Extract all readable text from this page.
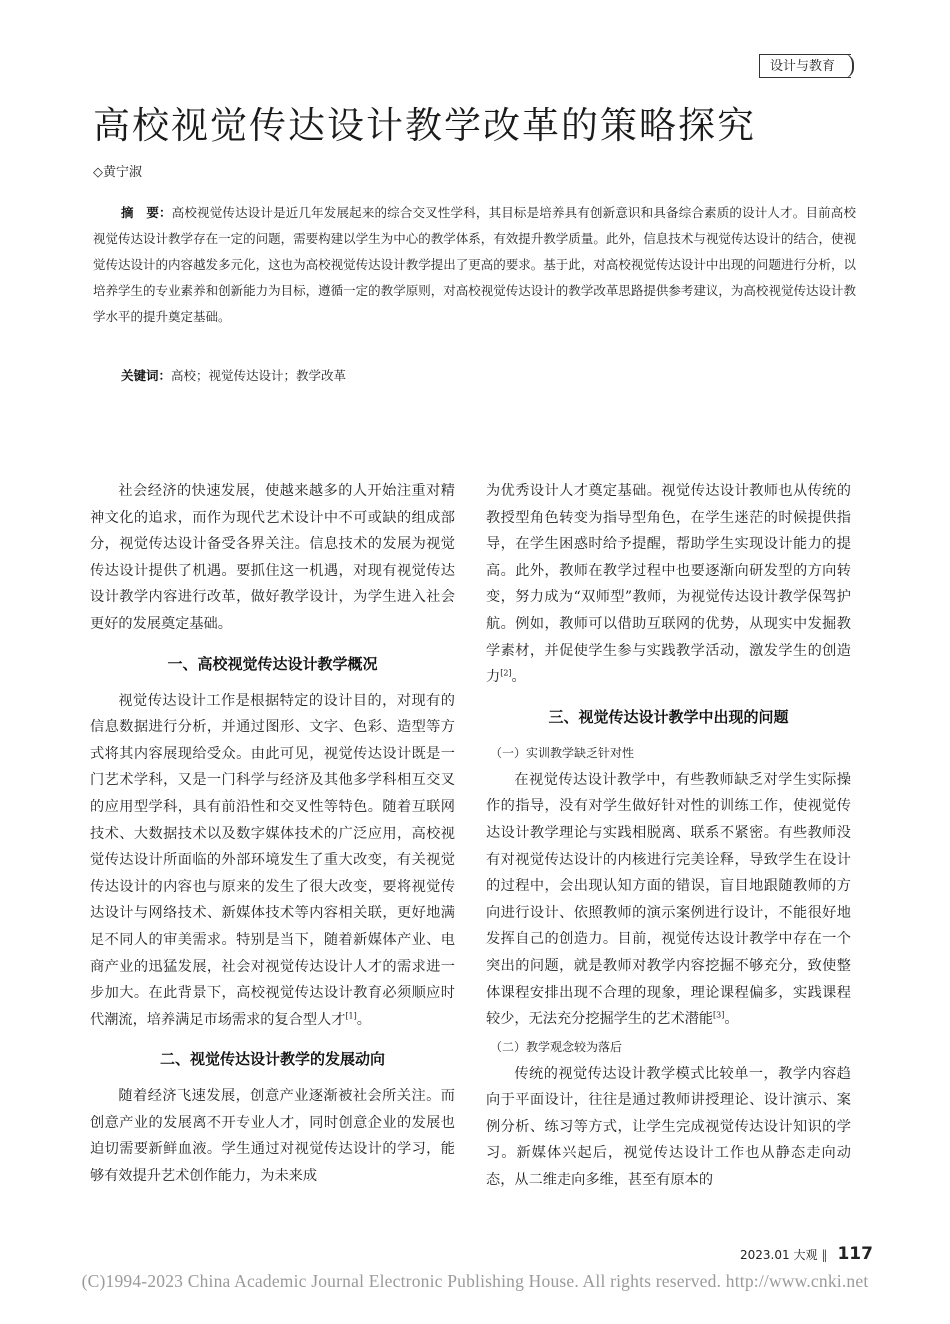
设计与教育
高校视觉传达设计教学改革的策略探究
◇黄宁淑

摘　要：高校视觉传达设计是近几年发展起来的综合交叉性学科，其目标是培养具有创新意识和具备综合素质的设计人才。目前高校视觉传达设计教学存在一定的问题，需要构建以学生为中心的教学体系，有效提升教学质量。此外，信息技术与视觉传达设计的结合，使视觉传达设计的内容越发多元化，这也为高校视觉传达设计教学提出了更高的要求。基于此，对高校视觉传达设计中出现的问题进行分析，以培养学生的专业素养和创新能力为目标，遵循一定的教学原则，对高校视觉传达设计的教学改革思路提供参考建议，为高校视觉传达设计教学水平的提升奠定基础。

关键词：高校；视觉传达设计；教学改革

社会经济的快速发展，使越来越多的人开始注重对精神文化的追求，而作为现代艺术设计中不可或缺的组成部分，视觉传达设计备受各界关注。信息技术的发展为视觉传达设计提供了机遇。要抓住这一机遇，对现有视觉传达设计教学内容进行改革，做好教学设计，为学生进入社会更好的发展奠定基础。

一、高校视觉传达设计教学概况

视觉传达设计工作是根据特定的设计目的，对现有的信息数据进行分析，并通过图形、文字、色彩、造型等方式将其内容展现给受众。由此可见，视觉传达设计既是一门艺术学科，又是一门科学与经济及其他多学科相互交叉的应用型学科，具有前沿性和交叉性等特色。随着互联网技术、大数据技术以及数字媒体技术的广泛应用，高校视觉传达设计所面临的外部环境发生了重大改变，有关视觉传达设计的内容也与原来的发生了很大改变，要将视觉传达设计与网络技术、新媒体技术等内容相关联，更好地满足不同人的审美需求。特别是当下，随着新媒体产业、电商产业的迅猛发展，社会对视觉传达设计人才的需求进一步加大。在此背景下，高校视觉传达设计教育必须顺应时代潮流，培养满足市场需求的复合型人才[1]。

二、视觉传达设计教学的发展动向

随着经济飞速发展，创意产业逐渐被社会所关注。而创意产业的发展离不开专业人才，同时创意企业的发展也迫切需要新鲜血液。学生通过对视觉传达设计的学习，能够有效提升艺术创作能力，为未来成

为优秀设计人才奠定基础。视觉传达设计教师也从传统的教授型角色转变为指导型角色，在学生迷茫的时候提供指导，在学生困惑时给予提醒，帮助学生实现设计能力的提高。此外，教师在教学过程中也要逐渐向研发型的方向转变，努力成为“双师型”教师，为视觉传达设计教学保驾护航。例如，教师可以借助互联网的优势，从现实中发掘教学素材，并促使学生参与实践教学活动，激发学生的创造力[2]。

三、视觉传达设计教学中出现的问题
（一）实训教学缺乏针对性

在视觉传达设计教学中，有些教师缺乏对学生实际操作的指导，没有对学生做好针对性的训练工作，使视觉传达设计教学理论与实践相脱离、联系不紧密。有些教师没有对视觉传达设计的内核进行完美诠释，导致学生在设计的过程中，会出现认知方面的错误，盲目地跟随教师的方向进行设计、依照教师的演示案例进行设计，不能很好地发挥自己的创造力。目前，视觉传达设计教学中存在一个突出的问题，就是教师对教学内容挖掘不够充分，致使整体课程安排出现不合理的现象，理论课程偏多，实践课程较少，无法充分挖掘学生的艺术潜能[3]。

（二）教学观念较为落后

传统的视觉传达设计教学模式比较单一，教学内容趋向于平面设计，往往是通过教师讲授理论、设计演示、案例分析、练习等方式，让学生完成视觉传达设计知识的学习。新媒体兴起后，视觉传达设计工作也从静态走向动态，从二维走向多维，甚至有原本的

2023.01 大观 ‖ 117
(C)1994-2023 China Academic Journal Electronic Publishing House. All rights reserved. http://www.cnki.net
